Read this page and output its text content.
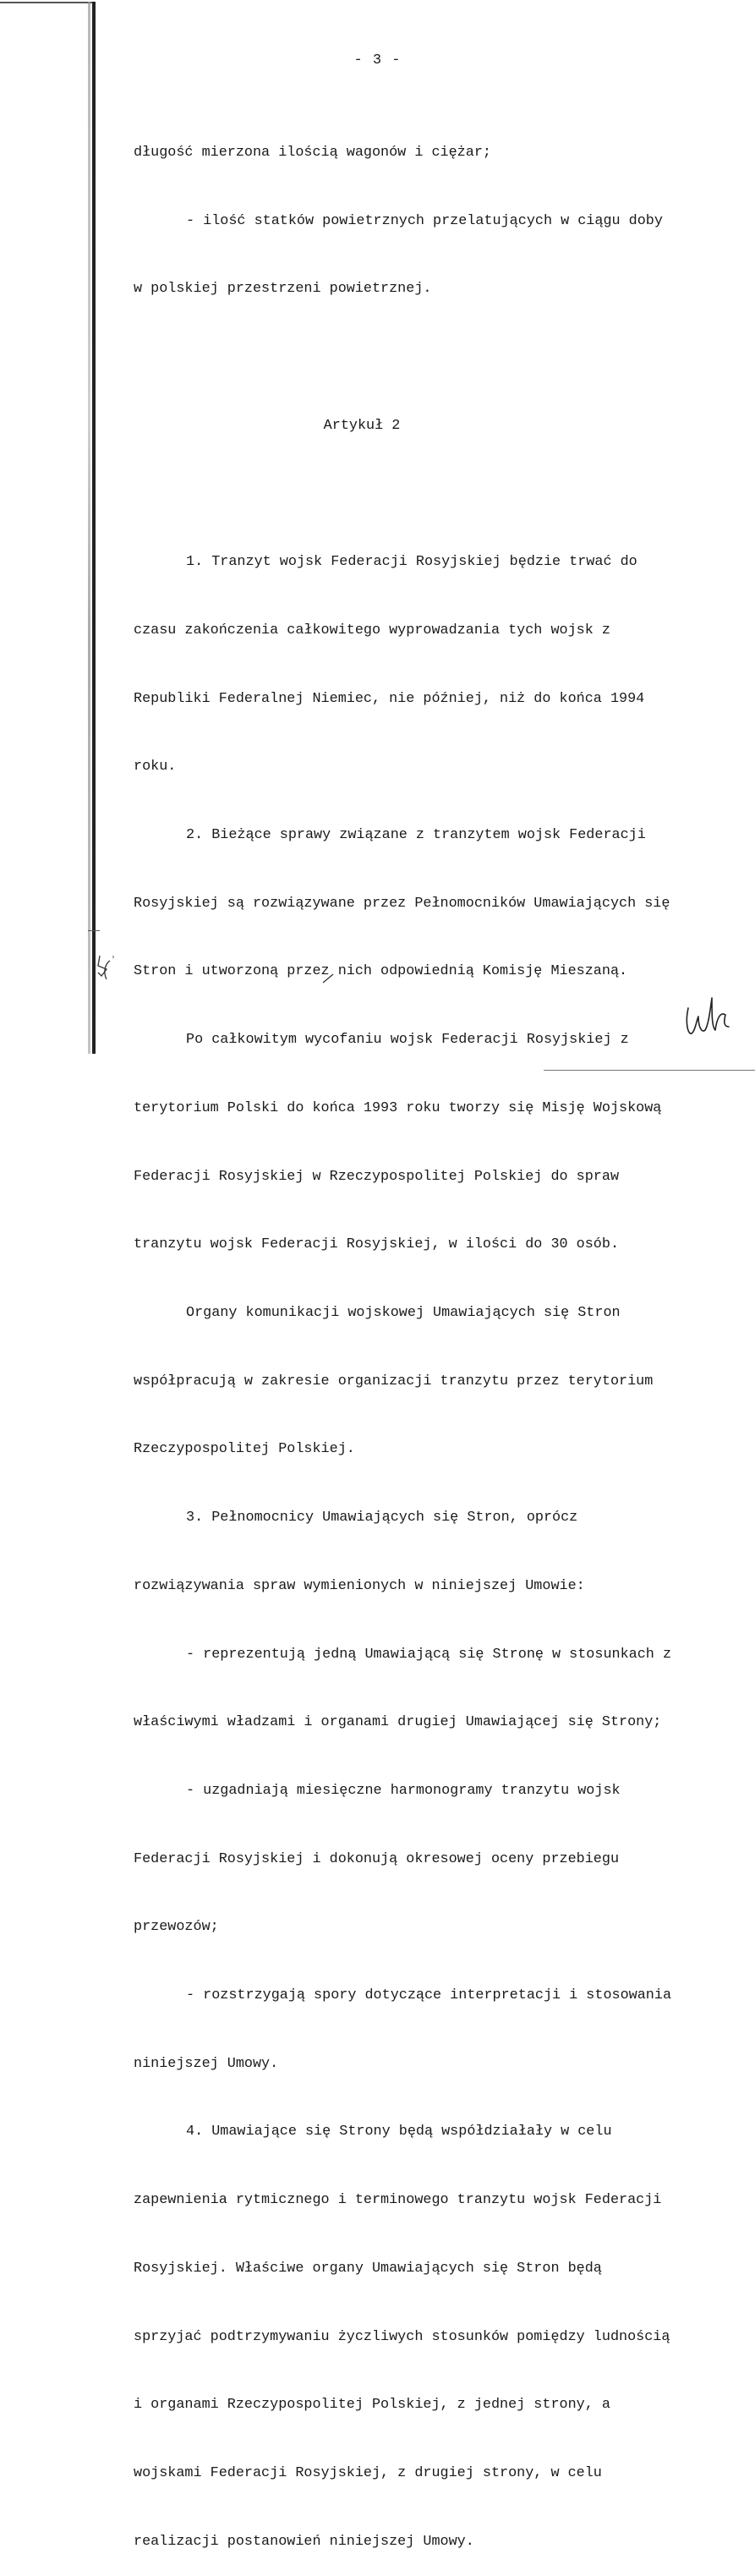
- 3 -

długość mierzona ilością wagonów i ciężar;

- ilość statków powietrznych przelatujących w ciągu doby

w polskiej przestrzeni powietrznej.

Artykuł 2

1. Tranzyt wojsk Federacji Rosyjskiej będzie trwać do

czasu zakończenia całkowitego wyprowadzania tych wojsk z

Republiki Federalnej Niemiec, nie później, niż do końca 1994

roku.

2. Bieżące sprawy związane z tranzytem wojsk Federacji

Rosyjskiej są rozwiązywane przez Pełnomocników Umawiających się

Stron i utworzoną przez nich odpowiednią Komisję Mieszaną.

Po całkowitym wycofaniu wojsk Federacji Rosyjskiej z

terytorium Polski do końca 1993 roku tworzy się Misję Wojskową

Federacji Rosyjskiej w Rzeczypospolitej Polskiej do spraw

tranzytu wojsk Federacji Rosyjskiej, w ilości do 30 osób.

Organy komunikacji wojskowej Umawiających się Stron

współpracują w zakresie organizacji tranzytu przez terytorium

Rzeczypospolitej Polskiej.

3. Pełnomocnicy Umawiających się Stron, oprócz

rozwiązywania spraw wymienionych w niniejszej Umowie:

- reprezentują jedną Umawiającą się Stronę w stosunkach z

właściwymi władzami i organami drugiej Umawiającej się Strony;

- uzgadniają miesięczne harmonogramy tranzytu wojsk

Federacji Rosyjskiej i dokonują okresowej oceny przebiegu

przewozów;

- rozstrzygają spory dotyczące interpretacji i stosowania

niniejszej Umowy.

4. Umawiające się Strony będą współdziałały w celu

zapewnienia rytmicznego i terminowego tranzytu wojsk Federacji

Rosyjskiej. Właściwe organy Umawiających się Stron będą

sprzyjać podtrzymywaniu życzliwych stosunków pomiędzy ludnością

i organami Rzeczypospolitej Polskiej, z jednej strony, a

wojskami Federacji Rosyjskiej, z drugiej strony, w celu

realizacji postanowień niniejszej Umowy.
